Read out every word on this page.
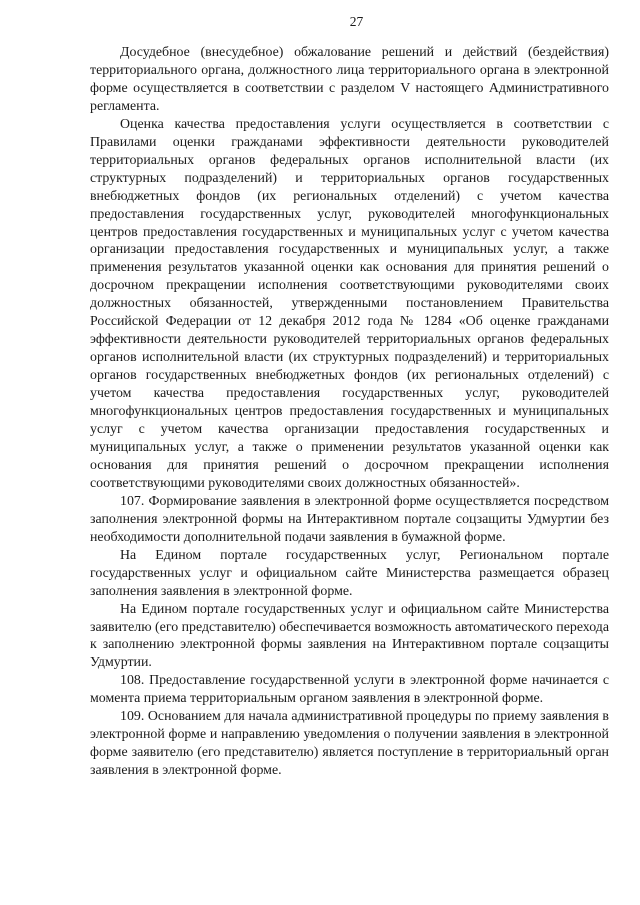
27

Досудебное (внесудебное) обжалование решений и действий (бездействия) территориального органа, должностного лица территориального органа в электронной форме осуществляется в соответствии с разделом V настоящего Административного регламента.

Оценка качества предоставления услуги осуществляется в соответствии с Правилами оценки гражданами эффективности деятельности руководителей территориальных органов федеральных органов исполнительной власти (их структурных подразделений) и территориальных органов государственных внебюджетных фондов (их региональных отделений) с учетом качества предоставления государственных услуг, руководителей многофункциональных центров предоставления государственных и муниципальных услуг с учетом качества организации предоставления государственных и муниципальных услуг, а также применения результатов указанной оценки как основания для принятия решений о досрочном прекращении исполнения соответствующими руководителями своих должностных обязанностей, утвержденными постановлением Правительства Российской Федерации от 12 декабря 2012 года № 1284 «Об оценке гражданами эффективности деятельности руководителей территориальных органов федеральных органов исполнительной власти (их структурных подразделений) и территориальных органов государственных внебюджетных фондов (их региональных отделений) с учетом качества предоставления государственных услуг, руководителей многофункциональных центров предоставления государственных и муниципальных услуг с учетом качества организации предоставления государственных и муниципальных услуг, а также о применении результатов указанной оценки как основания для принятия решений о досрочном прекращении исполнения соответствующими руководителями своих должностных обязанностей».

107. Формирование заявления в электронной форме осуществляется посредством заполнения электронной формы на Интерактивном портале соцзащиты Удмуртии без необходимости дополнительной подачи заявления в бумажной форме.

На Едином портале государственных услуг, Региональном портале государственных услуг и официальном сайте Министерства размещается образец заполнения заявления в электронной форме.

На Едином портале государственных услуг и официальном сайте Министерства заявителю (его представителю) обеспечивается возможность автоматического перехода к заполнению электронной формы заявления на Интерактивном портале соцзащиты Удмуртии.

108. Предоставление государственной услуги в электронной форме начинается с момента приема территориальным органом заявления в электронной форме.

109. Основанием для начала административной процедуры по приему заявления в электронной форме и направлению уведомления о получении заявления в электронной форме заявителю (его представителю) является поступление в территориальный орган заявления в электронной форме.
